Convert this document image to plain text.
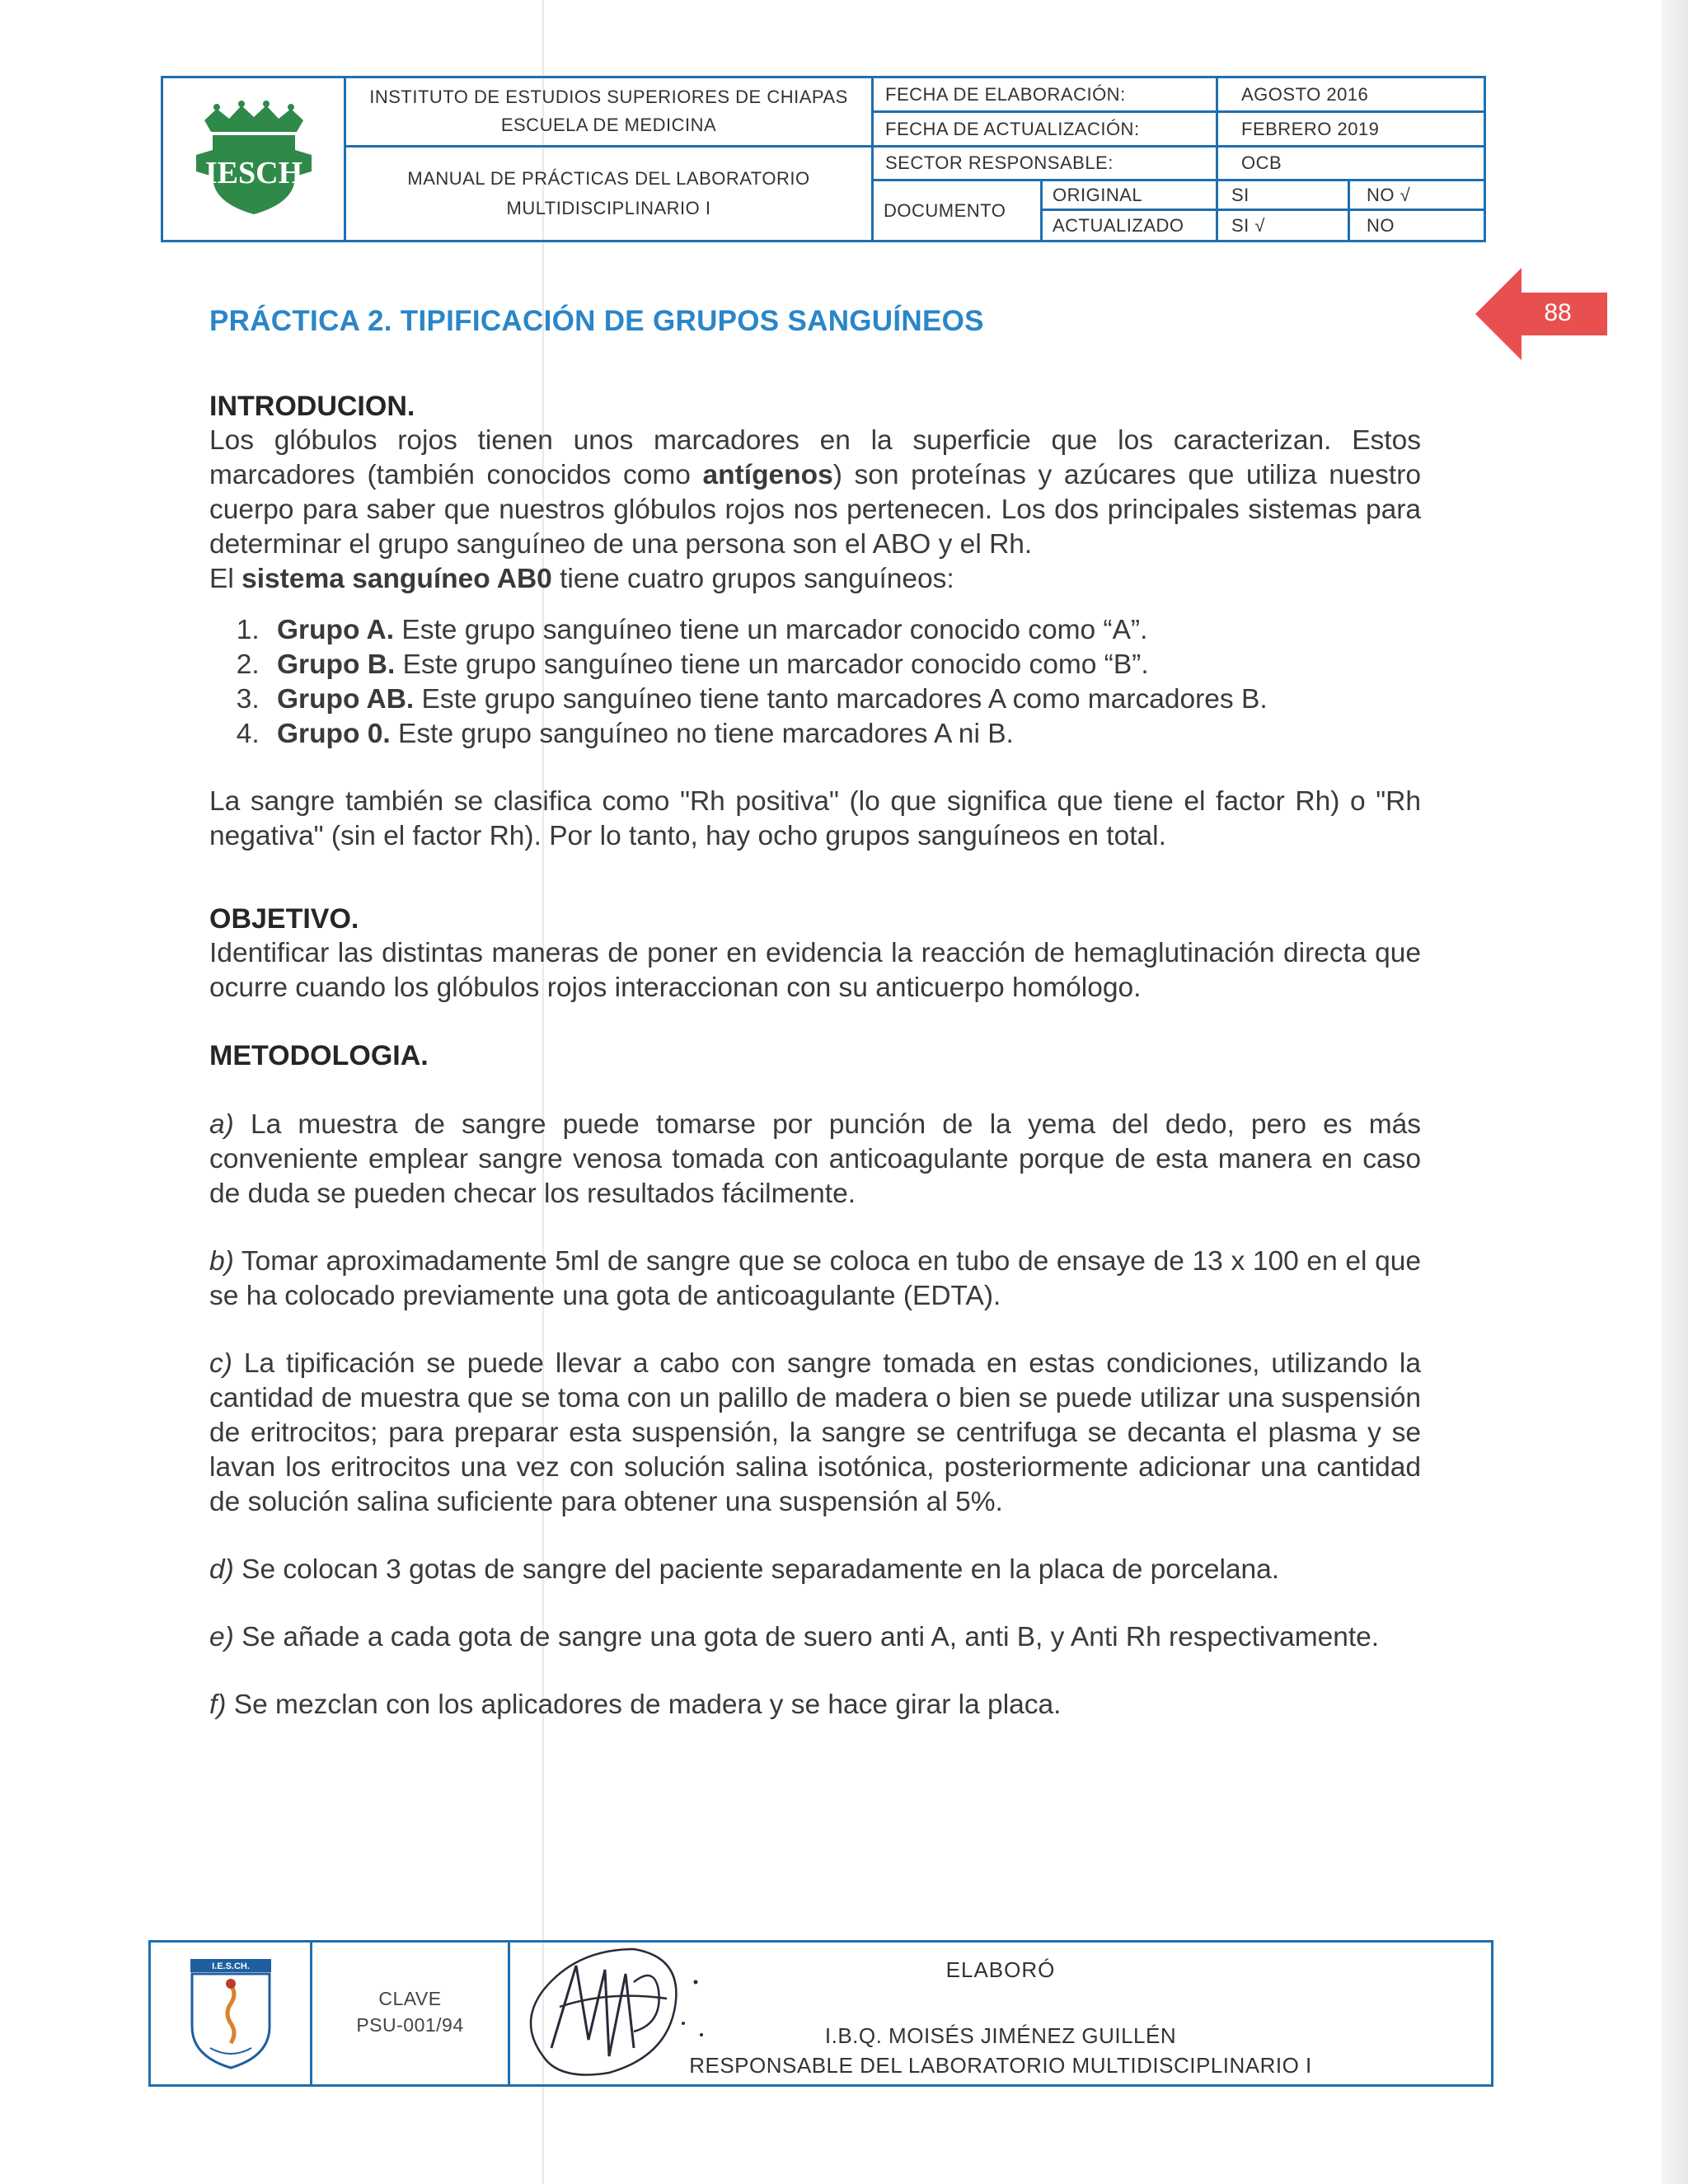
IESCH
INSTITUTO DE ESTUDIOS SUPERIORES DE CHIAPAS
ESCUELA DE MEDICINA
MANUAL DE PRÁCTICAS DEL LABORATORIO
MULTIDISCIPLINARIO I
FECHA DE ELABORACIÓN:	AGOSTO 2016
FECHA DE ACTUALIZACIÓN:	FEBRERO 2019
SECTOR RESPONSABLE:	OCB
DOCUMENTO
ORIGINAL	SI	NO √
ACTUALIZADO	SI √	NO
88
PRÁCTICA 2. TIPIFICACIÓN DE GRUPOS SANGUÍNEOS
INTRODUCION.

Los glóbulos rojos tienen unos marcadores en la superficie que los caracterizan. Estos marcadores (también conocidos como antígenos) son proteínas y azúcares que utiliza nuestro cuerpo para saber que nuestros glóbulos rojos nos pertenecen. Los dos principales sistemas para determinar el grupo sanguíneo de una persona son el ABO y el Rh.

El sistema sanguíneo AB0 tiene cuatro grupos sanguíneos:

1. Grupo A. Este grupo sanguíneo tiene un marcador conocido como “A”.
2. Grupo B. Este grupo sanguíneo tiene un marcador conocido como “B”.
3. Grupo AB. Este grupo sanguíneo tiene tanto marcadores A como marcadores B.
4. Grupo 0. Este grupo sanguíneo no tiene marcadores A ni B.

La sangre también se clasifica como "Rh positiva" (lo que significa que tiene el factor Rh) o "Rh negativa" (sin el factor Rh). Por lo tanto, hay ocho grupos sanguíneos en total.

OBJETIVO.

Identificar las distintas maneras de poner en evidencia la reacción de hemaglutinación directa que ocurre cuando los glóbulos rojos interaccionan con su anticuerpo homólogo.

METODOLOGIA.

a) La muestra de sangre puede tomarse por punción de la yema del dedo, pero es más conveniente emplear sangre venosa tomada con anticoagulante porque de esta manera en caso de duda se pueden checar los resultados fácilmente.

b) Tomar aproximadamente 5ml de sangre que se coloca en tubo de ensaye de 13 x 100 en el que se ha colocado previamente una gota de anticoagulante (EDTA).

c) La tipificación se puede llevar a cabo con sangre tomada en estas condiciones, utilizando la cantidad de muestra que se toma con un palillo de madera o bien se puede utilizar una suspensión de eritrocitos; para preparar esta suspensión, la sangre se centrifuga se decanta el plasma y se lavan los eritrocitos una vez con solución salina isotónica, posteriormente adicionar una cantidad de solución salina suficiente para obtener una suspensión al 5%.

d) Se colocan 3 gotas de sangre del paciente separadamente en la placa de porcelana.

e) Se añade a cada gota de sangre una gota de suero anti A, anti B, y Anti Rh respectivamente.

f) Se mezclan con los aplicadores de madera y se hace girar la placa.

I.E.S.CH.
CLAVE
PSU-001/94
ELABORÓ
I.B.Q. MOISÉS JIMÉNEZ GUILLÉN
RESPONSABLE DEL LABORATORIO MULTIDISCIPLINARIO I
